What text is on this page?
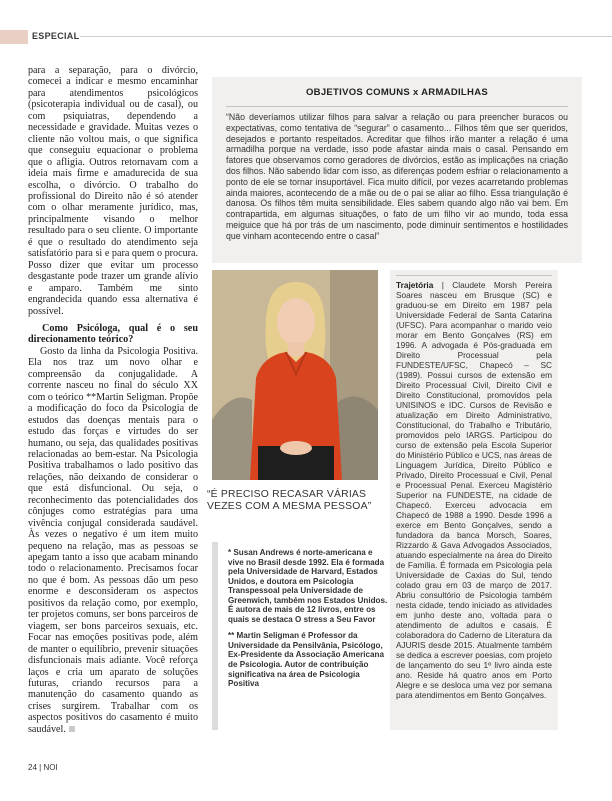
ESPECIAL

para a separação, para o divórcio, comecei a indicar e mesmo encaminhar para atendimentos psicológicos (psicoterapia individual ou de casal), ou com psiquiatras, dependendo a necessidade e gravidade. Muitas vezes o cliente não voltou mais, o que significa que conseguiu equacionar o problema que o afligia. Outros retornavam com a ideia mais firme e amadurecida de sua escolha, o divórcio. O trabalho do profissional do Direito não é só atender com o olhar meramente jurídico, mas, principalmente visando o melhor resultado para o seu cliente. O importante é que o resultado do atendimento seja satisfatório para si e para quem o procura. Posso dizer que evitar um processo desgastante pode trazer um grande alívio e amparo. Também me sinto engrandecida quando essa alternativa é possível.

Como Psicóloga, qual é o seu direcionamento teórico?

Gosto da linha da Psicologia Positiva. Ela nos traz um novo olhar e compreensão da conjugalidade. A corrente nasceu no final do século XX com o teórico **Martin Seligman. Propõe a modificação do foco da Psicologia de estudos das doenças mentais para o estudo das forças e virtudes do ser humano, ou seja, das qualidades positivas relacionadas ao bem-estar. Na Psicologia Positiva trabalhamos o lado positivo das relações, não deixando de considerar o que está disfuncional. Ou seja, o reconhecimento das potencialidades dos cônjuges como estratégias para uma vivência conjugal considerada saudável. Às vezes o negativo é um item muito pequeno na relação, mas as pessoas se apegam tanto a isso que acabam minando todo o relacionamento. Precisamos focar no que é bom. As pessoas dão um peso enorme e desconsideram os aspectos positivos da relação como, por exemplo, ter projetos comuns, ser bons parceiros de viagem, ser bons parceiros sexuais, etc. Focar nas emoções positivas pode, além de manter o equilíbrio, prevenir situações disfuncionais mais adiante. Você reforça laços e cria um aparato de soluções futuras, criando recursos para a manutenção do casamento quando as crises surgirem. Trabalhar com os aspectos positivos do casamento é muito saudável.

OBJETIVOS COMUNS x ARMADILHAS

“Não deveríamos utilizar filhos para salvar a relação ou para preencher buracos ou expectativas, como tentativa de “segurar” o casamento... Filhos têm que ser queridos, desejados e portanto respeitados. Acreditar que filhos irão manter a relação é uma armadilha porque na verdade, isso pode afastar ainda mais o casal. Pensando em fatores que observamos como geradores de divórcios, estão as implicações na criação dos filhos. Não sabendo lidar com isso, as diferenças podem esfriar o relacionamento a ponto de ele se tornar insuportável. Fica muito difícil, por vezes acarretando problemas ainda maiores, acontecendo de a mãe ou de o pai se aliar ao filho. Essa triangulação é danosa. Os filhos têm muita sensibilidade. Eles sabem quando algo não vai bem. Em contrapartida, em algumas situações, o fato de um filho vir ao mundo, toda essa meiguice que há por trás de um nascimento, pode diminuir sentimentos e hostilidades que vinham acontecendo entre o casal”

“É PRECISO RECASAR VÁRIAS VEZES COM A MESMA PESSOA”

* Susan Andrews é norte-americana e vive no Brasil desde 1992. Ela é formada pela Universidade de Harvard, Estados Unidos, e doutora em Psicologia Transpessoal pela Universidade de Greenwich, também nos Estados Unidos. É autora de mais de 12 livros, entre os quais se destaca O stress a Seu Favor

** Martin Seligman é Professor da Universidade da Pensilvânia, Psicólogo, Ex-Presidente da Associação Americana de Psicologia. Autor de contribuição significativa na área de Psicologia Positiva

Trajetória | Claudete Morsh Pereira Soares nasceu em Brusque (SC) e graduou-se em Direito em 1987 pela Universidade Federal de Santa Catarina (UFSC). Para acompanhar o marido veio morar em Bento Gonçalves (RS) em 1996. A advogada é Pós-graduada em Direito Processual pela FUNDESTE/UFSC, Chapecó – SC (1989). Possui cursos de extensão em Direito Processual Civil, Direito Civil e Direito Constitucional, promovidos pela UNISINOS e IDC. Cursos de Revisão e atualização em Direito Administrativo, Constitucional, do Trabalho e Tributário, promovidos pelo IARGS. Participou do curso de extensão pela Escola Superior do Ministério Público e UCS, nas áreas de Linguagem Jurídica, Direito Público e Privado, Direito Processual e Civil, Penal e Processual Penal. Exerceu Magistério Superior na FUNDESTE, na cidade de Chapecó. Exerceu advocacia em Chapecó de 1988 a 1990. Desde 1996 a exerce em Bento Gonçalves, sendo a fundadora da banca Morsch, Soares, Rizzardo & Gava Advogados Associados, atuando especialmente na área do Direito de Família. É formada em Psicologia pela Universidade de Caxias do Sul, tendo colado grau em 03 de março de 2017. Abriu consultório de Psicologia também nesta cidade, tendo iniciado as atividades em junho deste ano, voltada para o atendimento de adultos e casais. É colaboradora do Caderno de Literatura da AJURIS desde 2015. Atualmente também se dedica a escrever poesias, com projeto de lançamento do seu 1º livro ainda este ano. Reside há quatro anos em Porto Alegre e se desloca uma vez por semana para atendimentos em Bento Gonçalves.

24 | NOI
